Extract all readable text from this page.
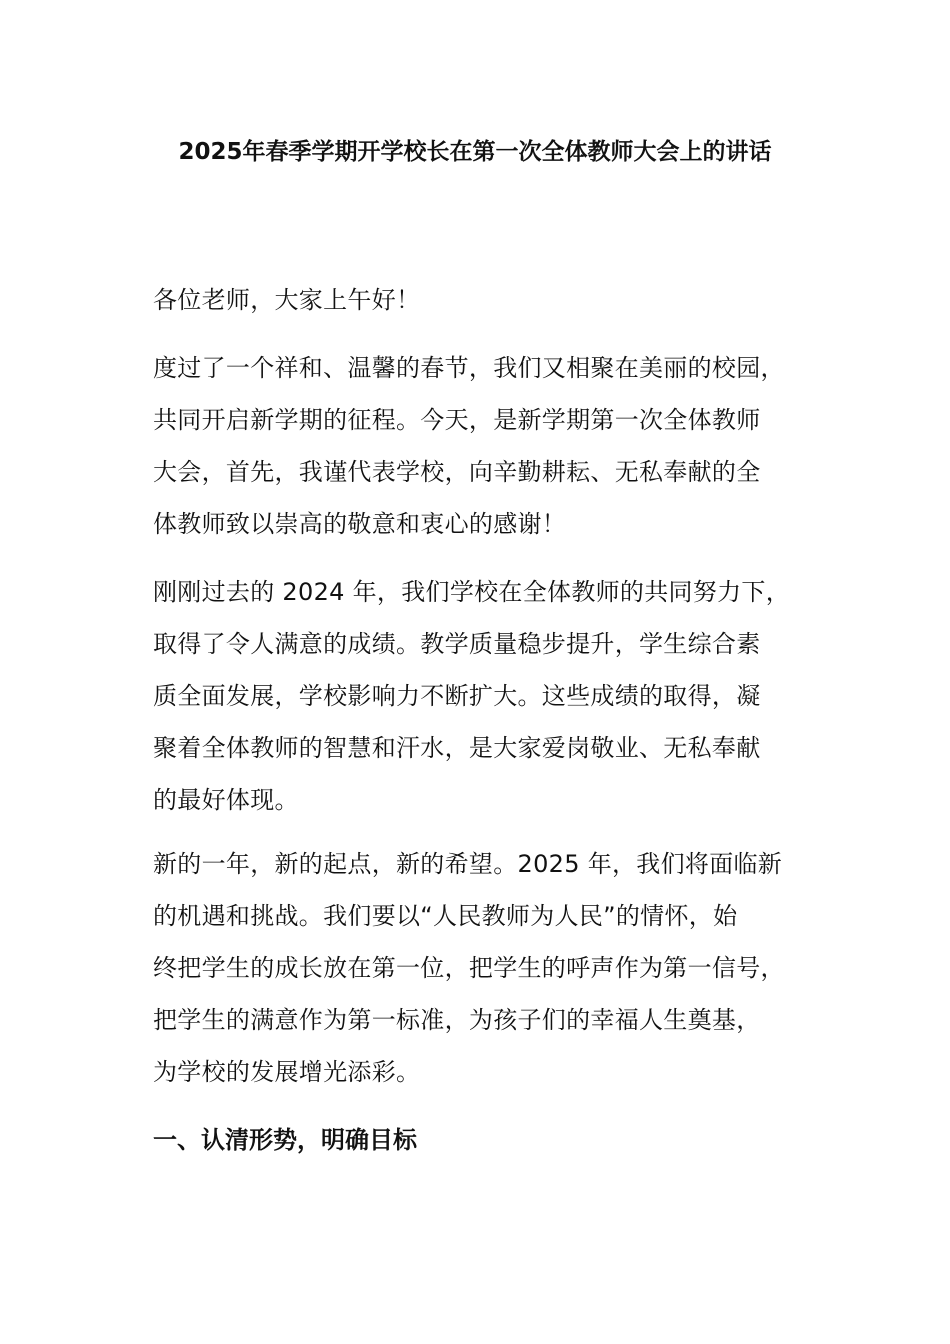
2025年春季学期开学校长在第一次全体教师大会上的讲话

各位老师，大家上午好！

度过了一个祥和、温馨的春节，我们又相聚在美丽的校园，
共同开启新学期的征程。今天，是新学期第一次全体教师
大会，首先，我谨代表学校，向辛勤耕耘、无私奉献的全
体教师致以崇高的敬意和衷心的感谢！

刚刚过去的 2024 年，我们学校在全体教师的共同努力下，
取得了令人满意的成绩。教学质量稳步提升，学生综合素
质全面发展，学校影响力不断扩大。这些成绩的取得，凝
聚着全体教师的智慧和汗水，是大家爱岗敬业、无私奉献
的最好体现。

新的一年，新的起点，新的希望。2025 年，我们将面临新
的机遇和挑战。我们要以“人民教师为人民”的情怀，始
终把学生的成长放在第一位，把学生的呼声作为第一信号，
把学生的满意作为第一标准，为孩子们的幸福人生奠基，
为学校的发展增光添彩。

一、认清形势，明确目标
